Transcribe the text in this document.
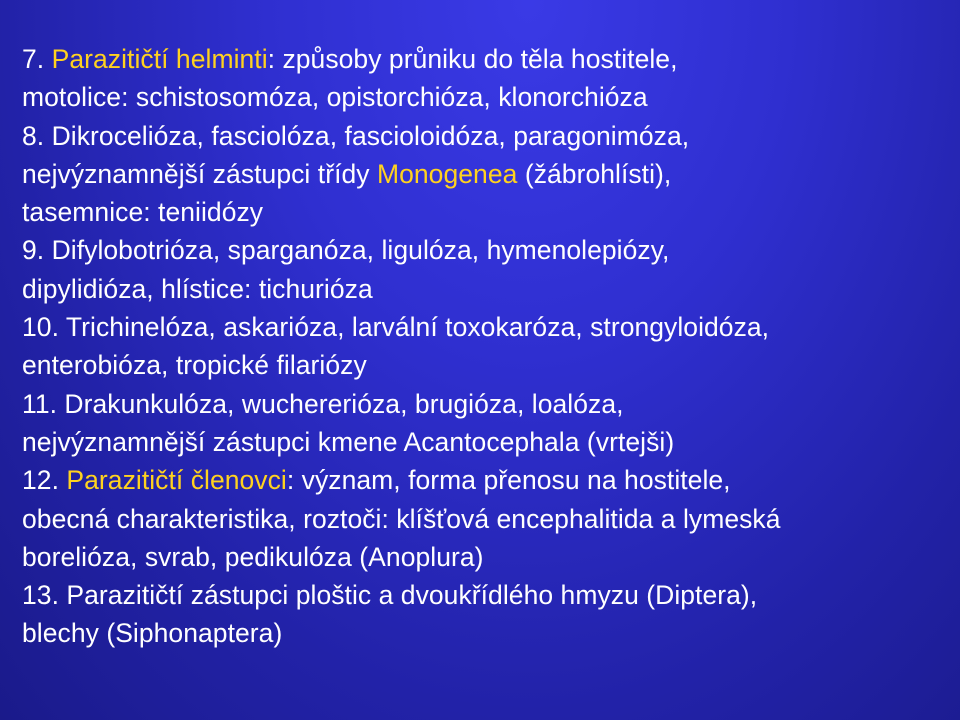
7. Parazitičtí helminti: způsoby průniku do těla hostitele,
motolice: schistosomóza, opistorchióza, klonorchióza
8. Dikrocelióza, fasciolóza, fascioloidóza, paragonimóza,
nejvýznamnější zástupci třídy Monogenea (žábrohlísti),
tasemnice: teniidózy
9. Difylobotrióza, sparganóza, ligulóza, hymenolepiózy,
dipylidióza, hlístice: tichurióza
10. Trichinelóza, askarióza, larvální toxokaróza, strongyloidóza,
enterobióza, tropické filariózy
11. Drakunkulóza, wuchererióza, brugióza, loalóza,
nejvýznamnější zástupci kmene Acantocephala (vrtejši)
12. Parazitičtí členovci: význam, forma přenosu na hostitele,
obecná charakteristika, roztoči: klíšťová encephalitida a lymeská
borelióza, svrab, pedikulóza (Anoplura)
13. Parazitičtí zástupci ploštic a dvoukřídlého hmyzu (Diptera),
blechy (Siphonaptera)
